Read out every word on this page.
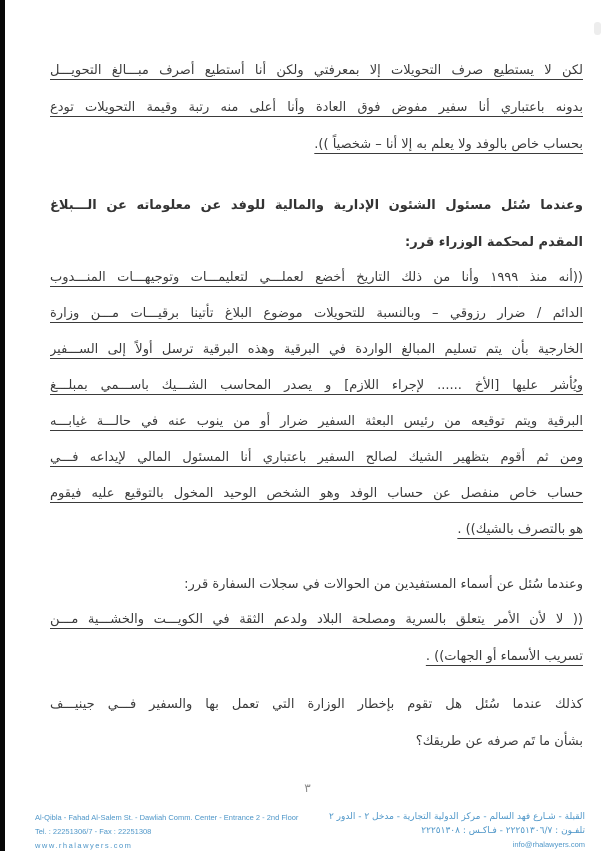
لكن لا يستطيع صرف التحويلات إلا بمعرفتي ولكن أنا أستطيع أصرف مبـــالغ التحويـــل
بدونه باعتباري أنا سفير مفوض فوق العادة وأنا أعلى منه رتبة وقيمة التحويلات تودع
بحساب خاص بالوفد ولا يعلم به إلا أنا – شخصياً )).
وعندما سُئل مسئول الشئون الإدارية والمالية للوفد عن معلوماته عن الـــبلاغ
المقدم لمحكمة الوزراء قرر:
((أنه منذ ١٩٩٩ وأنا من ذلك التاريخ أخضع لعملـــي لتعليمـــات وتوجيهـــات المنـــدوب
الدائم / ضرار رزوقي – وبالنسبة للتحويلات موضوع البلاغ تأتينا برقيـــات مـــن وزارة
الخارجية بأن يتم تسليم المبالغ الواردة في البرقية وهذه البرقية ترسل أولاً إلى الســـفير
ويُأشر عليها [الأخ ...... لإجراء اللازم] و يصدر المحاسب الشـــيك باســـمي بمبلـــغ
البرقية ويتم توقيعه من رئيس البعثة السفير ضرار أو من ينوب عنه في حالـــة غيابـــه
ومن ثم أقوم بتظهير الشيك لصالح السفير باعتباري أنا المسئول المالي لإيداعه فـــي
حساب خاص منفصل عن حساب الوفد وهو الشخص الوحيد المخول بالتوقيع عليه فيقوم
هو بالتصرف بالشيك)) .
وعندما سُئل عن أسماء المستفيدين من الحوالات في سجلات السفارة قرر:
(( لا لأن الأمر يتعلق بالسرية ومصلحة البلاد ولدعم الثقة في الكويـــت والخشـــية مـــن
تسريب الأسماء أو الجهات)) .
كذلك عندما سُئل هل تقوم بإخطار الوزارة التي تعمل بها والسفير فـــي جينيـــف
بشأن ما تَم صرفه عن طريقك؟
٣
Al-Qibla - Fahad Al-Salem St. - Dawliah Comm. Center - Entrance 2 - 2nd Floor
Tel. : 22251306/7 - Fax : 22251308
www.rhalawyers.com
القبلة - شـارع فهد السالم - مركز الدولية التجارية - مدخل ٢ - الدور ٢
تلفـون : ٢٢٢٥١٣٠٦/٧ - فـاكـس : ٢٢٢٥١٣٠٨
info@rhalawyers.com
